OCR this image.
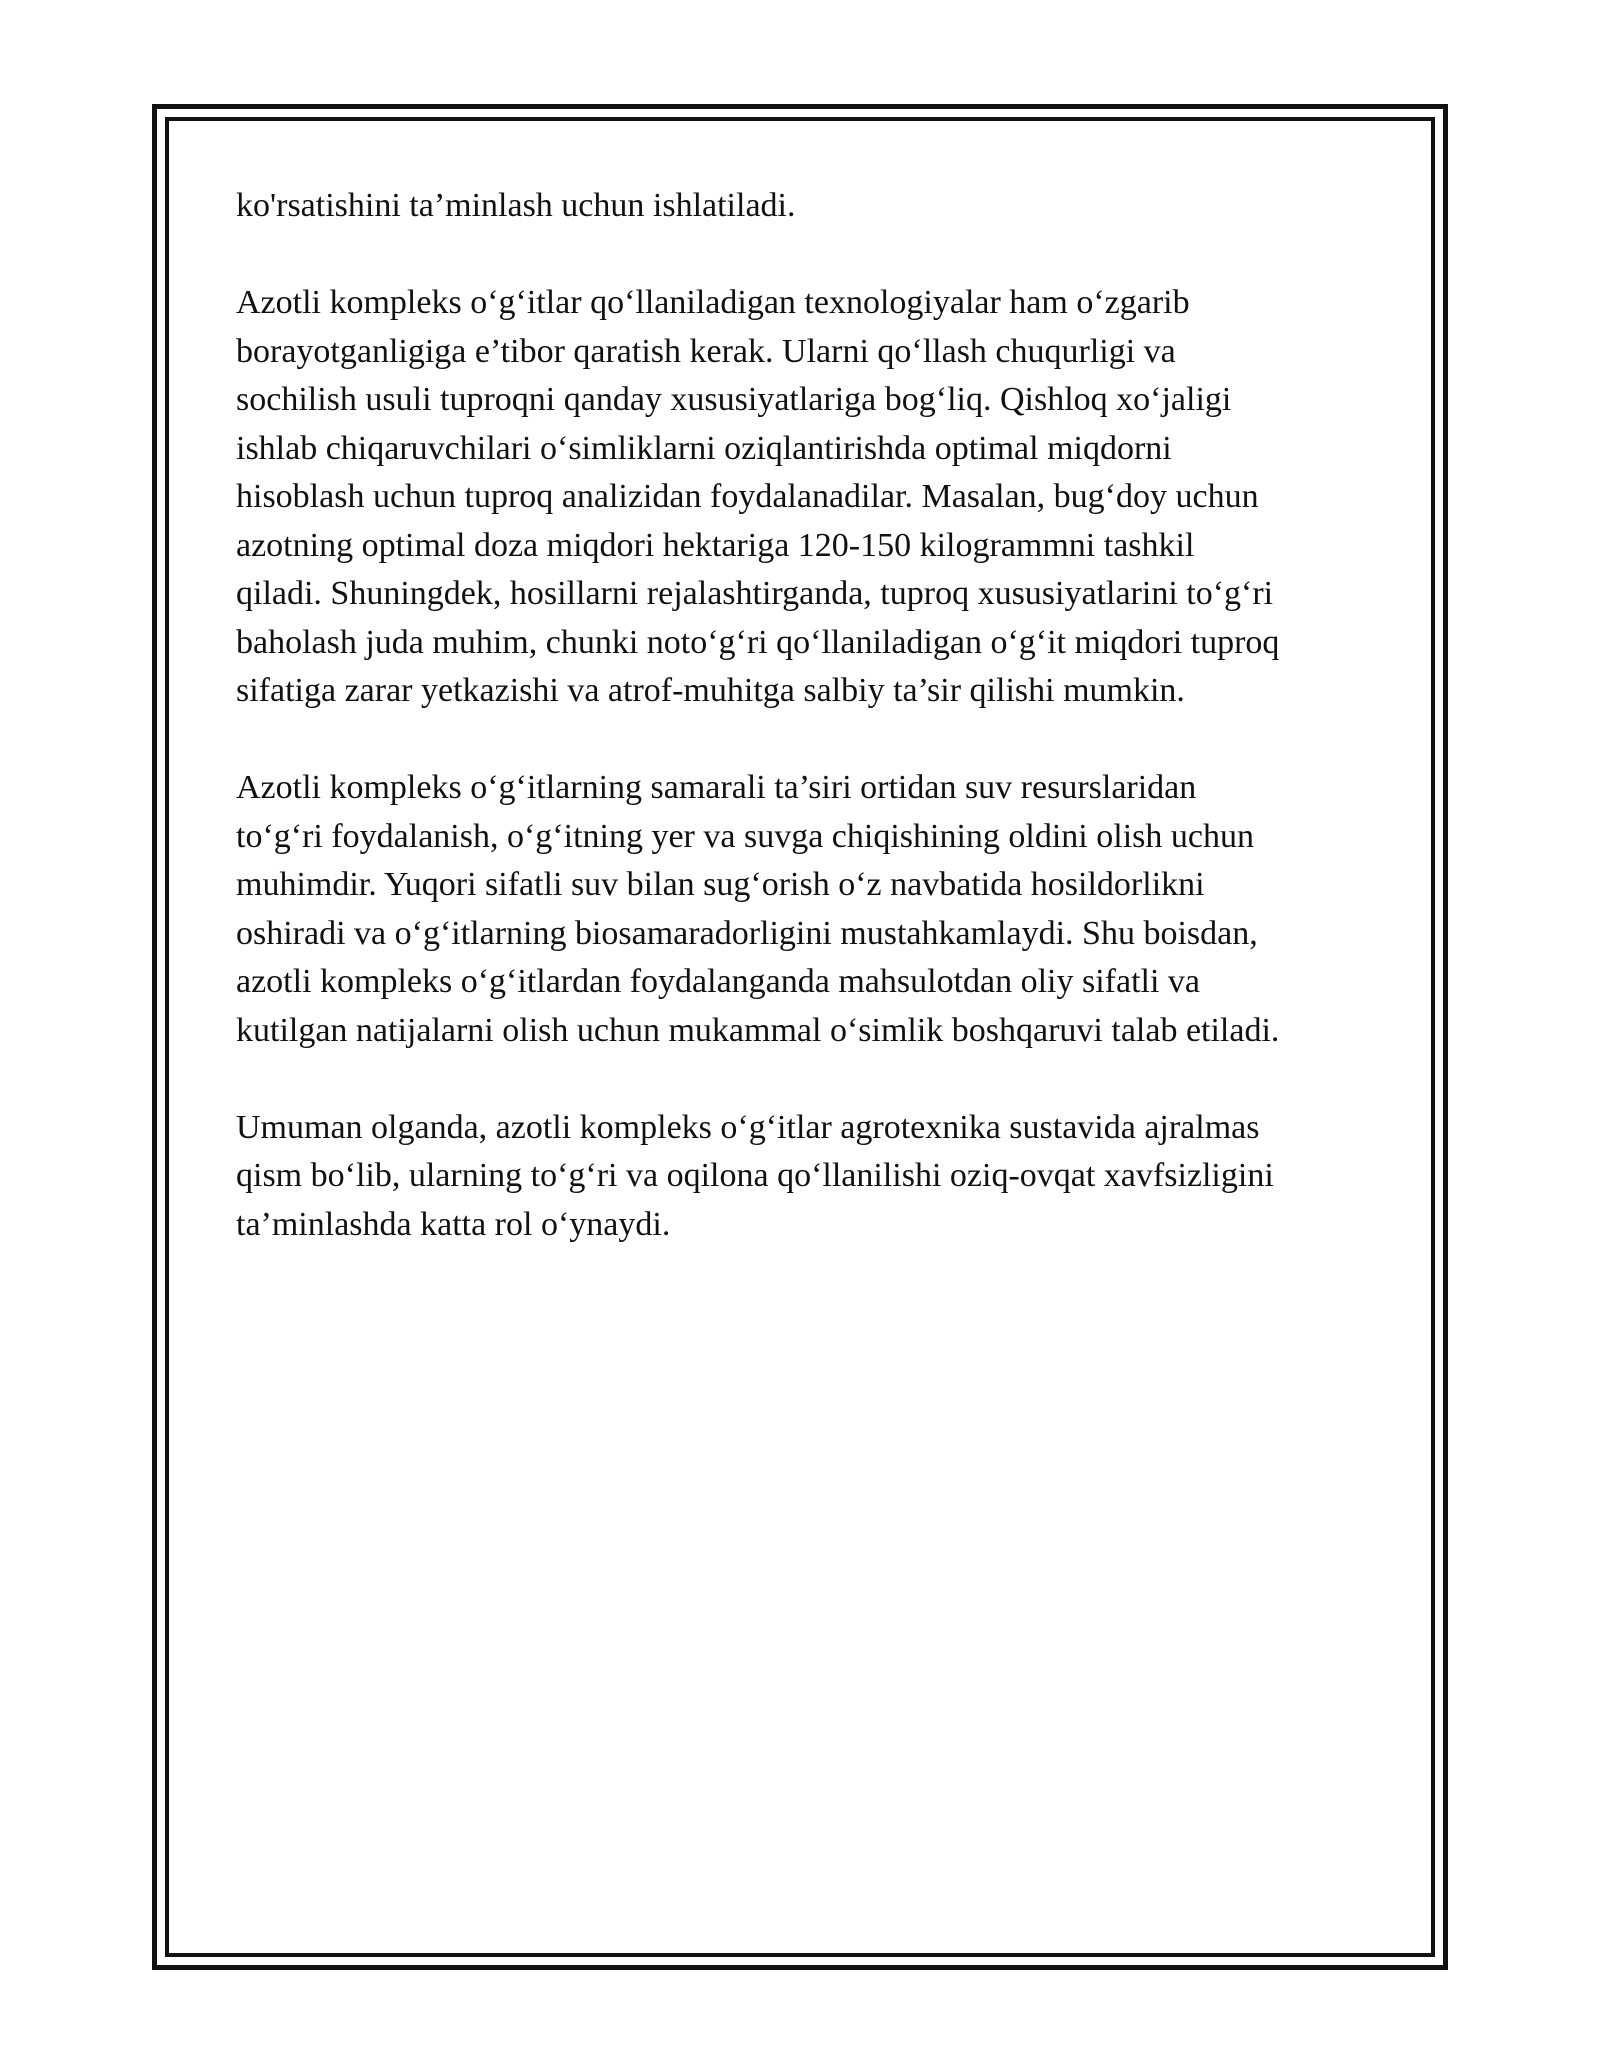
ko'rsatishini ta’minlash uchun ishlatiladi.

Azotli kompleks o‘g‘itlar qo‘llaniladigan texnologiyalar ham o‘zgarib
borayotganligiga e’tibor qaratish kerak. Ularni qo‘llash chuqurligi va
sochilish usuli tuproqni qanday xususiyatlariga bog‘liq. Qishloq xo‘jaligi
ishlab chiqaruvchilari o‘simliklarni oziqlantirishda optimal miqdorni
hisoblash uchun tuproq analizidan foydalanadilar. Masalan, bug‘doy uchun
azotning optimal doza miqdori hektariga 120-150 kilogrammni tashkil
qiladi. Shuningdek, hosillarni rejalashtirganda, tuproq xususiyatlarini to‘g‘ri
baholash juda muhim, chunki noto‘g‘ri qo‘llaniladigan o‘g‘it miqdori tuproq
sifatiga zarar yetkazishi va atrof-muhitga salbiy ta’sir qilishi mumkin.

Azotli kompleks o‘g‘itlarning samarali ta’siri ortidan suv resurslaridan
to‘g‘ri foydalanish, o‘g‘itning yer va suvga chiqishining oldini olish uchun
muhimdir. Yuqori sifatli suv bilan sug‘orish o‘z navbatida hosildorlikni
oshiradi va o‘g‘itlarning biosamaradorligini mustahkamlaydi. Shu boisdan,
azotli kompleks o‘g‘itlardan foydalanganda mahsulotdan oliy sifatli va
kutilgan natijalarni olish uchun mukammal o‘simlik boshqaruvi talab etiladi.

Umuman olganda, azotli kompleks o‘g‘itlar agrotexnika sustavida ajralmas
qism bo‘lib, ularning to‘g‘ri va oqilona qo‘llanilishi oziq-ovqat xavfsizligini
ta’minlashda katta rol o‘ynaydi.
